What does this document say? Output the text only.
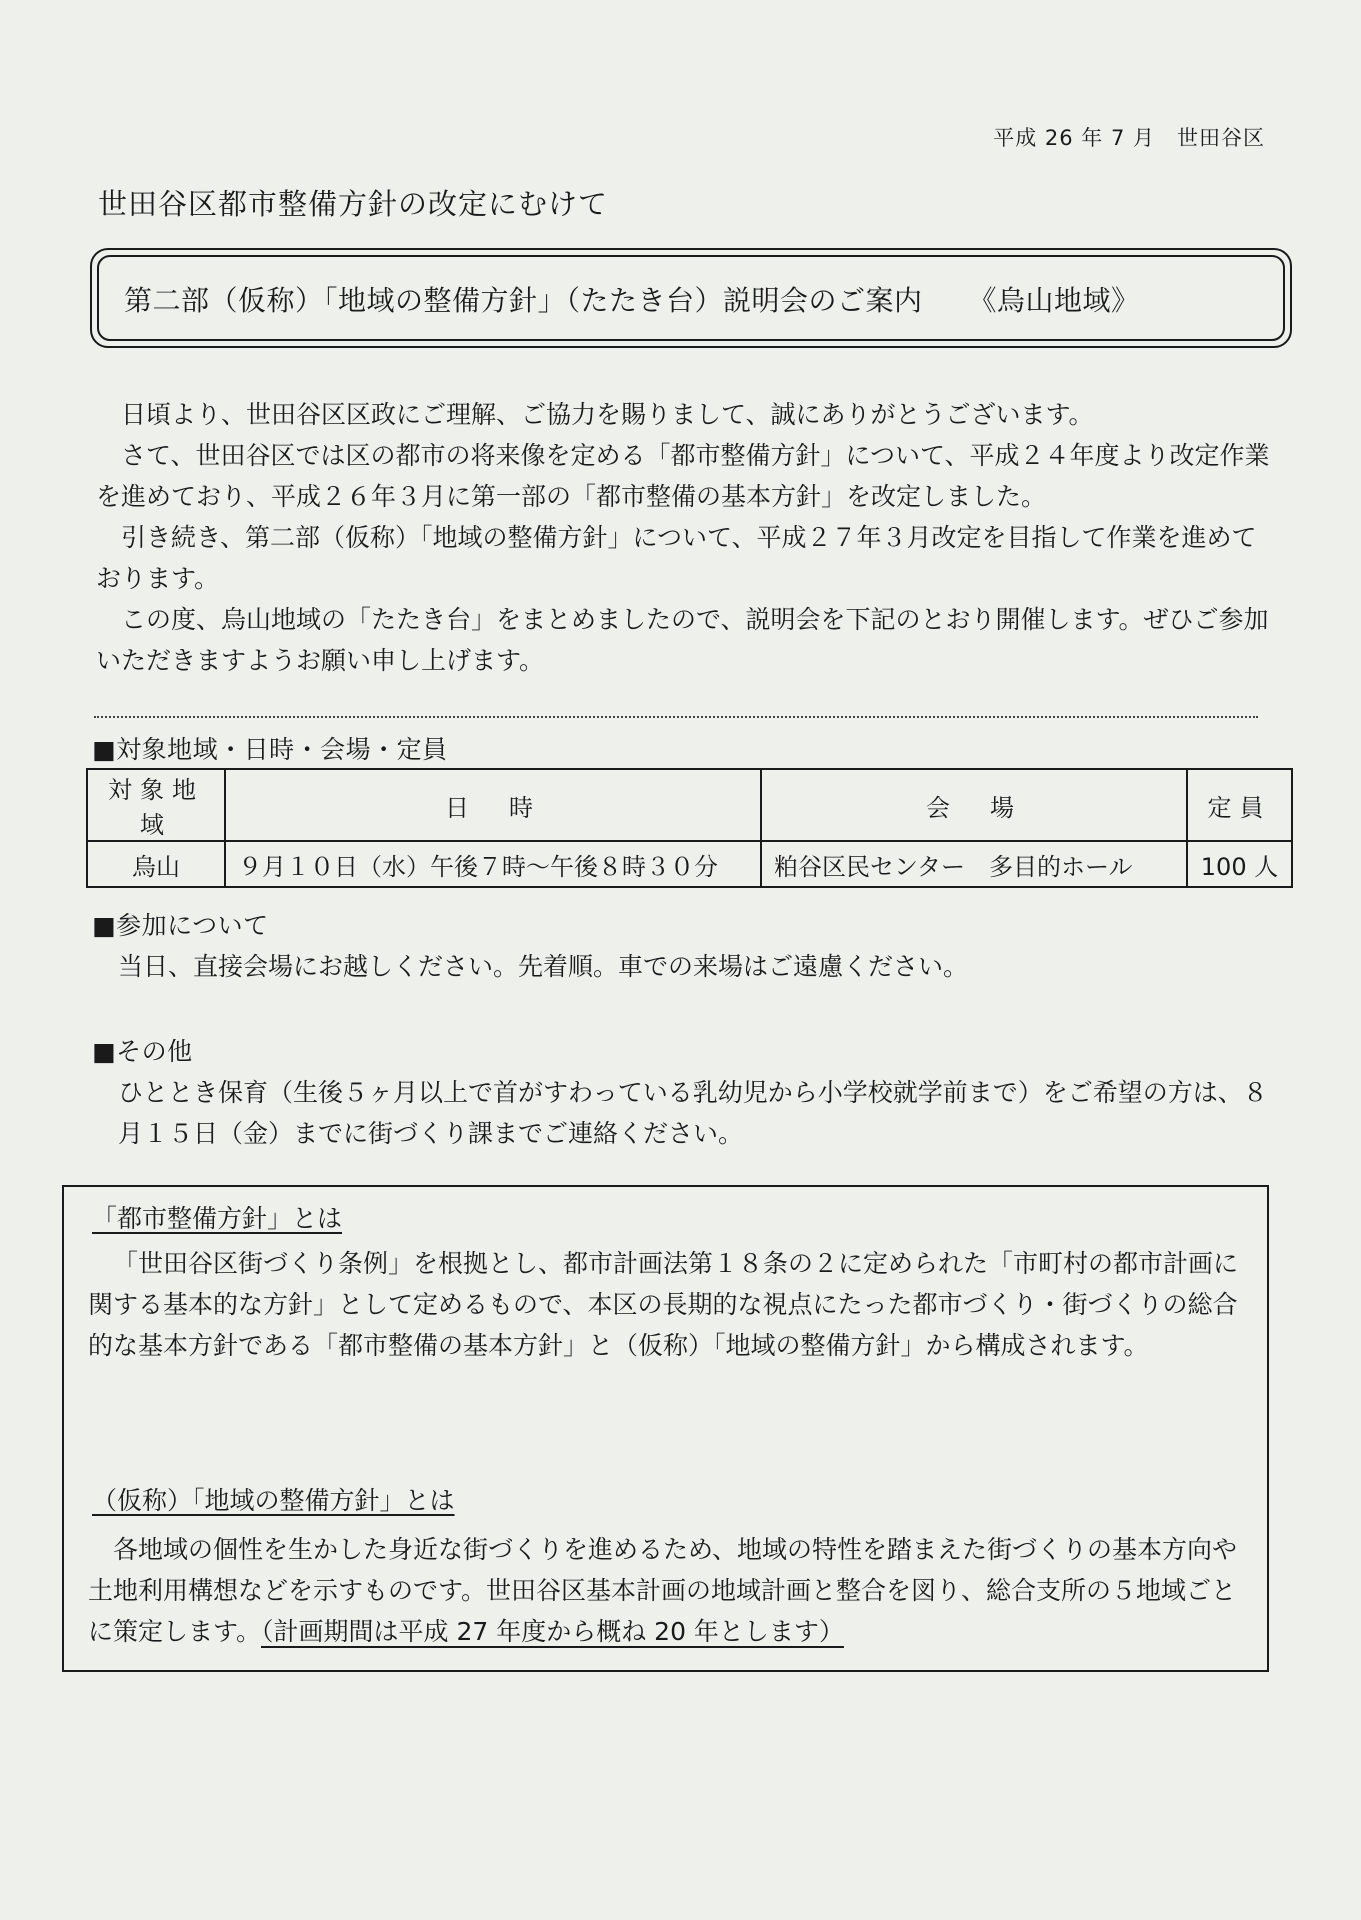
平成 26 年 7 月　世田谷区
世田谷区都市整備方針の改定にむけて
第二部（仮称）「地域の整備方針」（たたき台）説明会のご案内 《烏山地域》

日頃より、世田谷区区政にご理解、ご協力を賜りまして、誠にありがとうございます。

さて、世田谷区では区の都市の将来像を定める「都市整備方針」について、平成２４年度より改定作業を進めており、平成２６年３月に第一部の「都市整備の基本方針」を改定しました。

引き続き、第二部（仮称）「地域の整備方針」について、平成２７年３月改定を目指して作業を進めております。

この度、烏山地域の「たたき台」をまとめましたので、説明会を下記のとおり開催します。ぜひご参加いただきますようお願い申し上げます。

■対象地域・日時・会場・定員
対象地域	日　時	会　場	定員
烏山	９月１０日（水）午後７時～午後８時３０分	粕谷区民センター　多目的ホール	100 人
■参加について
当日、直接会場にお越しください。先着順。車での来場はご遠慮ください。
■その他
ひととき保育（生後５ヶ月以上で首がすわっている乳幼児から小学校就学前まで）をご希望の方は、８月１５日（金）までに街づくり課までご連絡ください。
「都市整備方針」とは

「世田谷区街づくり条例」を根拠とし、都市計画法第１８条の２に定められた「市町村の都市計画に関する基本的な方針」として定めるもので、本区の長期的な視点にたった都市づくり・街づくりの総合的な基本方針である「都市整備の基本方針」と（仮称）「地域の整備方針」から構成されます。

（仮称）「地域の整備方針」とは

各地域の個性を生かした身近な街づくりを進めるため、地域の特性を踏まえた街づくりの基本方向や土地利用構想などを示すものです。世田谷区基本計画の地域計画と整合を図り、総合支所の５地域ごとに策定します。（計画期間は平成 27 年度から概ね 20 年とします）
